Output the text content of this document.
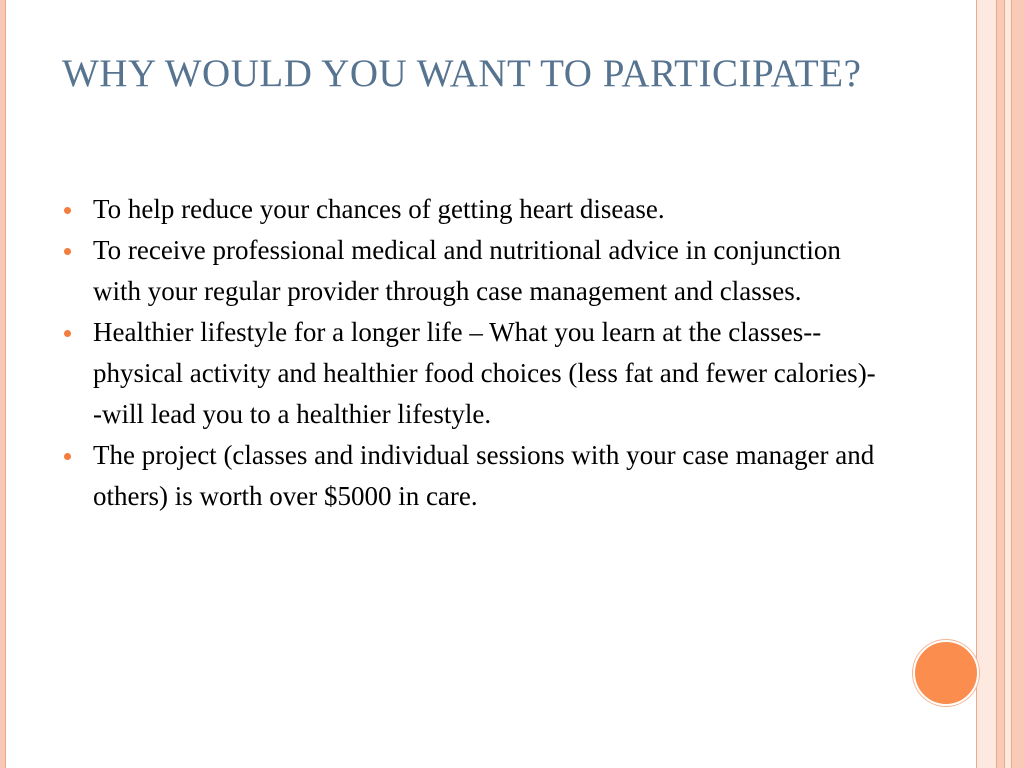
WHY WOULD YOU WANT TO PARTICIPATE?
To help reduce your chances of getting heart disease.
To receive professional medical and nutritional advice in conjunction with your regular provider through case management and classes.
Healthier lifestyle for a longer life – What you learn at the classes--physical activity and healthier food choices (less fat and fewer calories)--will lead you to a healthier lifestyle.
The project (classes and individual sessions with your case manager and others) is worth over $5000 in care.
